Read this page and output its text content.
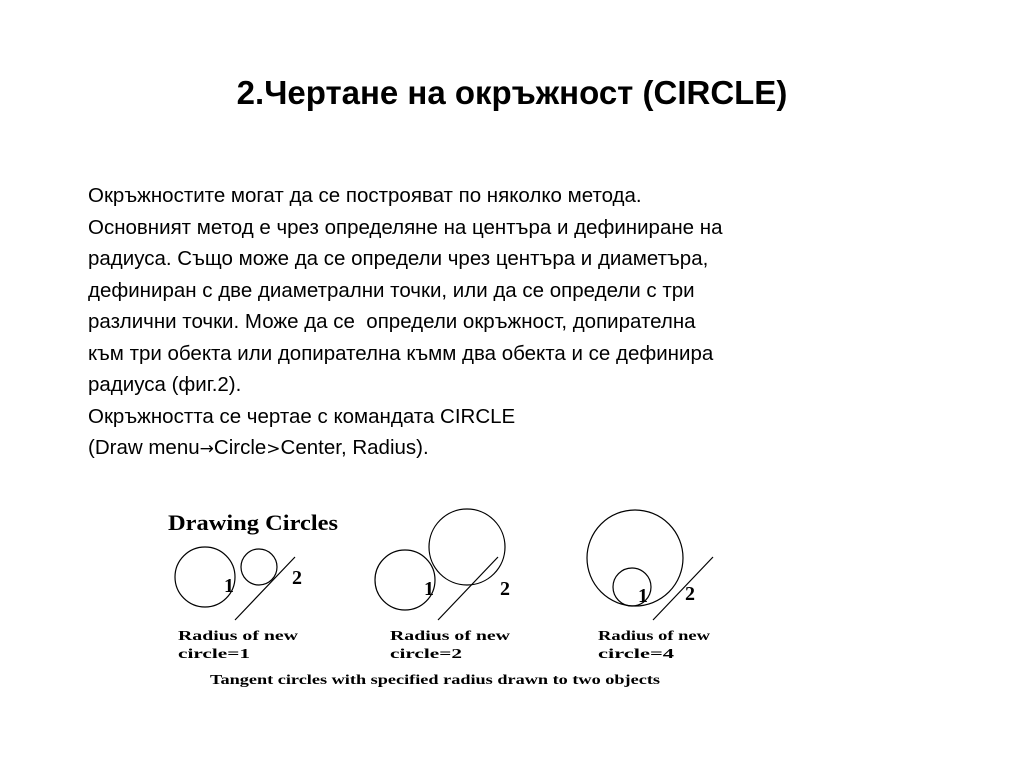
2.Чертане на окръжност (CIRCLE)
Окръжностите могат да се построяват по няколко метода.
Основният метод е чрез определяне на центъра и дефиниране на
радиуса. Също може да се определи чрез центъра и диаметъра,
дефиниран с две диаметрални точки, или да се определи с три
различни точки. Може да се  определи окръжност, допирателна
към три обекта или допирателна къмм два обекта и се дефинира
радиуса (фиг.2).
Окръжността се чертае с командата CIRCLE
(Draw menu→Circle>Center, Radius).
Drawing Circles
1	2
Radius of new
circle=1
1	2
Radius of new
circle=2
1 2
Radius of new
circle=4
Tangent circles with specified radius drawn to two objects
